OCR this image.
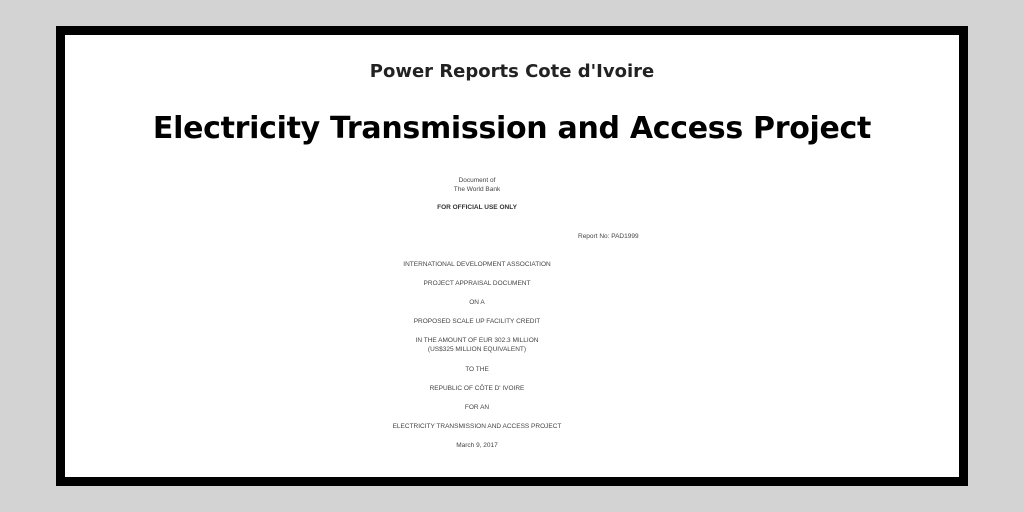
Power Reports Cote d'Ivoire
Electricity Transmission and Access Project

Document of

The World Bank

FOR OFFICIAL USE ONLY

Report No: PAD1999

INTERNATIONAL DEVELOPMENT ASSOCIATION

PROJECT APPRAISAL DOCUMENT

ON A

PROPOSED SCALE UP FACILITY CREDIT

IN THE AMOUNT OF EUR 302.3 MILLION

(US$325 MILLION EQUIVALENT)

TO THE

REPUBLIC OF CÔTE D' IVOIRE

FOR AN

ELECTRICITY TRANSMISSION AND ACCESS PROJECT

March 9, 2017
